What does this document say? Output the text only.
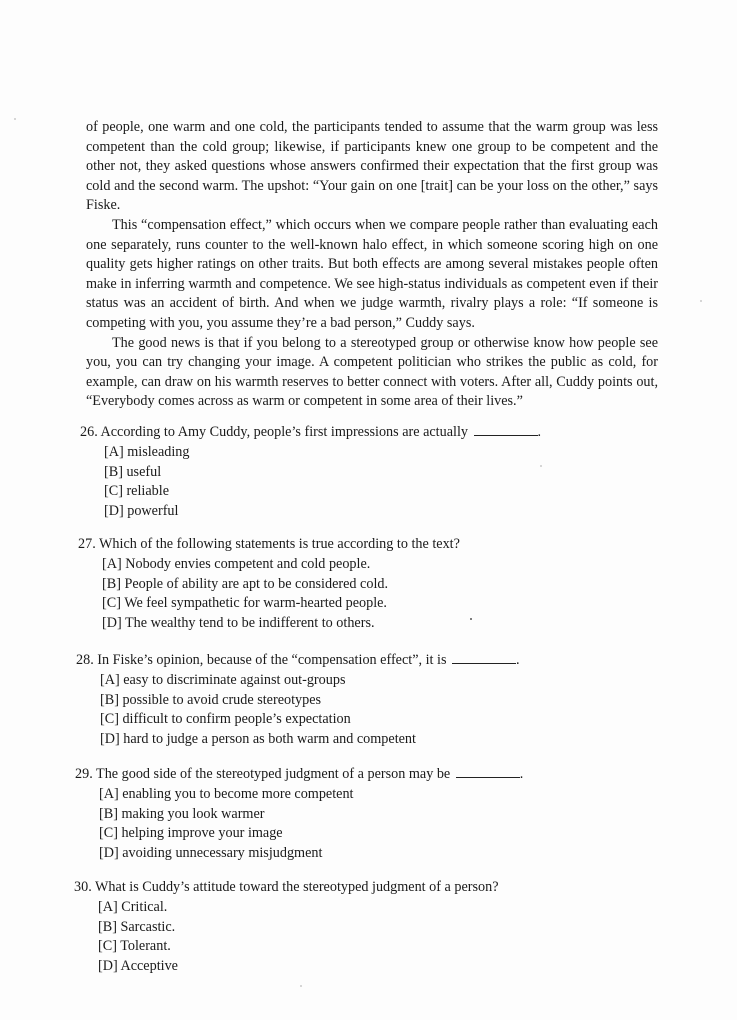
of people, one warm and one cold, the participants tended to assume that the warm group was less competent than the cold group; likewise, if participants knew one group to be competent and the other not, they asked questions whose answers confirmed their expectation that the first group was cold and the second warm. The upshot: “Your gain on one [trait] can be your loss on the other,” says Fiske.

This “compensation effect,” which occurs when we compare people rather than evaluating each one separately, runs counter to the well-known halo effect, in which someone scoring high on one quality gets higher ratings on other traits. But both effects are among several mistakes people often make in inferring warmth and competence. We see high-status individuals as competent even if their status was an accident of birth. And when we judge warmth, rivalry plays a role: “If someone is competing with you, you assume they’re a bad person,” Cuddy says.

The good news is that if you belong to a stereotyped group or otherwise know how people see you, you can try changing your image. A competent politician who strikes the public as cold, for example, can draw on his warmth reserves to better connect with voters. After all, Cuddy points out, “Everybody comes across as warm or competent in some area of their lives.”

26. According to Amy Cuddy, people’s first impressions are actually	.

[A] misleading

[B] useful

[C] reliable

[D] powerful

27. Which of the following statements is true according to the text?

[A] Nobody envies competent and cold people.

[B] People of ability are apt to be considered cold.

[C] We feel sympathetic for warm-hearted people.

[D] The wealthy tend to be indifferent to others.

28. In Fiske’s opinion, because of the “compensation effect”, it is	.

[A] easy to discriminate against out-groups

[B] possible to avoid crude stereotypes

[C] difficult to confirm people’s expectation

[D] hard to judge a person as both warm and competent

29. The good side of the stereotyped judgment of a person may be	.

[A] enabling you to become more competent

[B] making you look warmer

[C] helping improve your image

[D] avoiding unnecessary misjudgment

30. What is Cuddy’s attitude toward the stereotyped judgment of a person?

[A] Critical.

[B] Sarcastic.

[C] Tolerant.

[D] Acceptive
